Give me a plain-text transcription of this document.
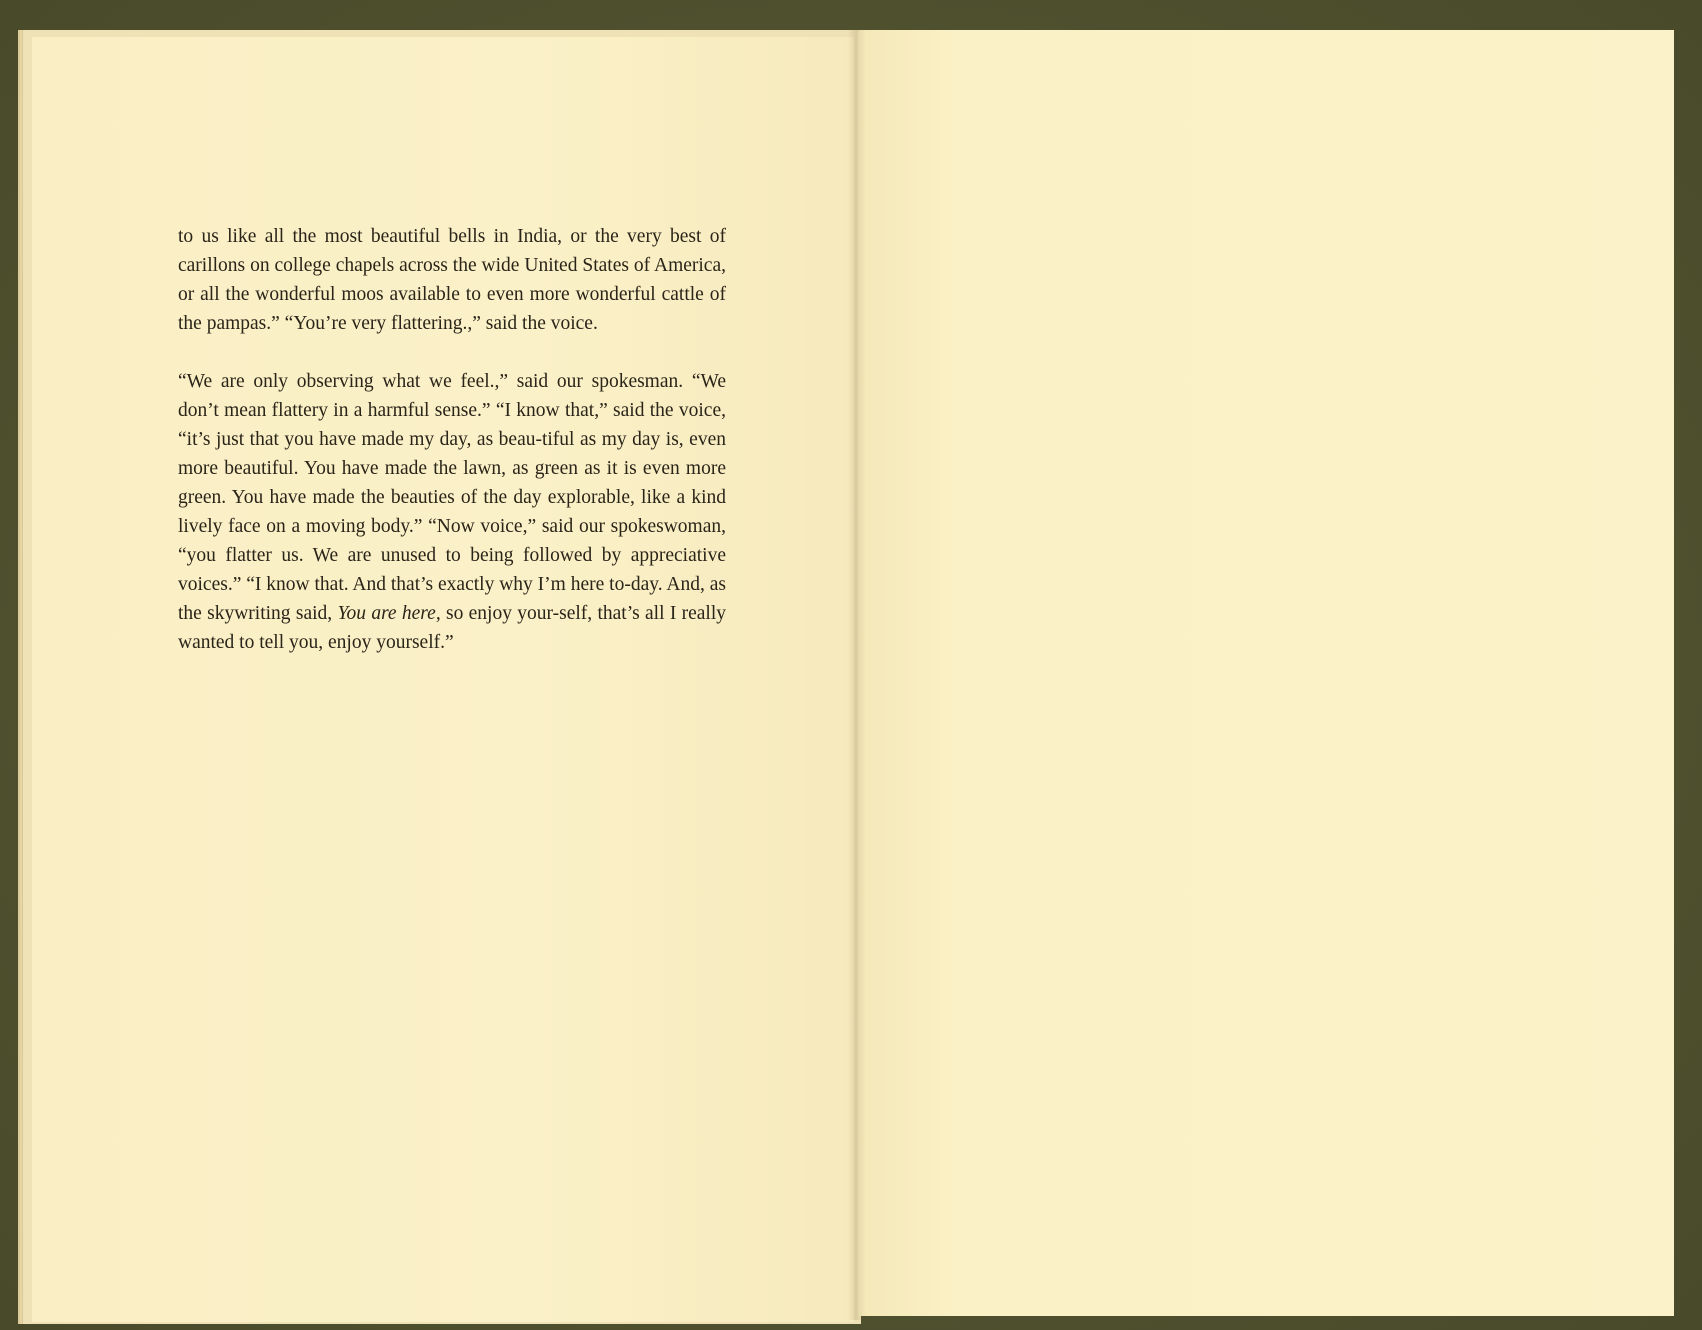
to us like all the most beautiful bells in India, or the very best of carillons on college chapels across the wide United States of America, or all the wonderful moos available to even more wonderful cattle of the pampas.” “You’re very flattering.,” said the voice.

“We are only observing what we feel.,” said our spokesman. “We don’t mean flattery in a harmful sense.” “I know that,” said the voice, “it’s just that you have made my day, as beau-tiful as my day is, even more beautiful. You have made the lawn, as green as it is even more green. You have made the beauties of the day explorable, like a kind lively face on a moving body.” “Now voice,” said our spokeswoman, “you flatter us. We are unused to being followed by appreciative voices.” “I know that. And that’s exactly why I’m here to-day. And, as the skywriting said, You are here, so enjoy your-self, that’s all I really wanted to tell you, enjoy yourself.”
